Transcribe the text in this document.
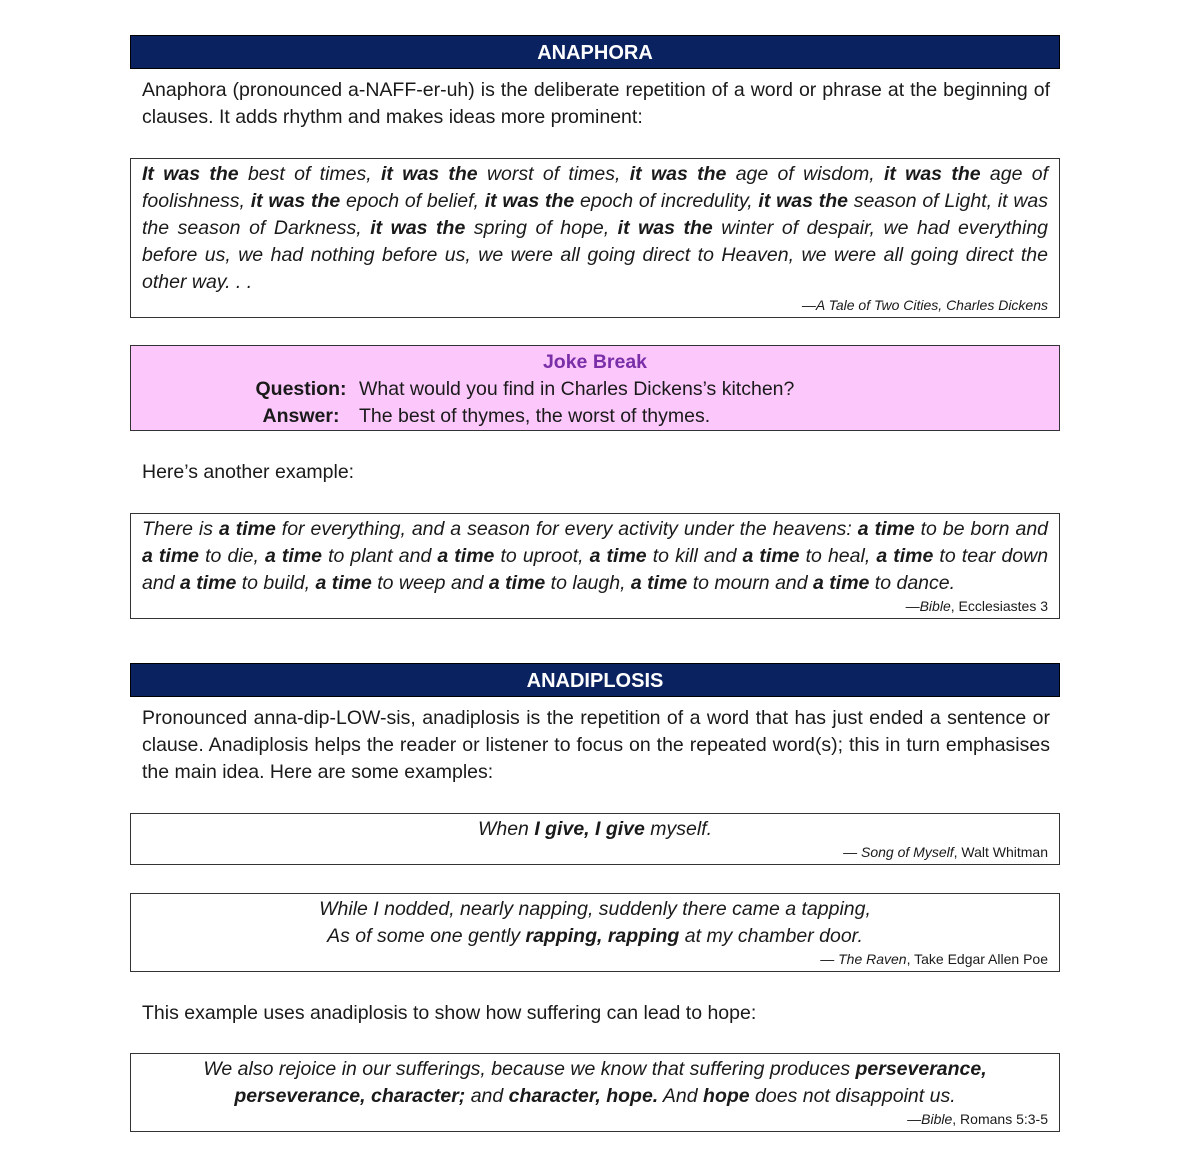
ANAPHORA

Anaphora (pronounced a-NAFF-er-uh) is the deliberate repetition of a word or phrase at the beginning of clauses. It adds rhythm and makes ideas more prominent:

It was the best of times, it was the worst of times, it was the age of wisdom, it was the age of foolishness, it was the epoch of belief, it was the epoch of incredulity, it was the season of Light, it was the season of Darkness, it was the spring of hope, it was the winter of despair, we had everything before us, we had nothing before us, we were all going direct to Heaven, we were all going direct the other way. . .

—A Tale of Two Cities, Charles Dickens

Joke Break

Question: What would you find in Charles Dickens’s kitchen?
Answer:	The best of thymes, the worst of thymes.

Here’s another example:

There is a time for everything, and a season for every activity under the heavens: a time to be born and a time to die, a time to plant and a time to uproot, a time to kill and a time to heal, a time to tear down and a time to build, a time to weep and a time to laugh, a time to mourn and a time to dance.

—Bible, Ecclesiastes 3

ANADIPLOSIS

Pronounced anna-dip-LOW-sis, anadiplosis is the repetition of a word that has just ended a sentence or clause. Anadiplosis helps the reader or listener to focus on the repeated word(s); this in turn emphasises the main idea. Here are some examples:

When I give, I give myself.

— Song of Myself, Walt Whitman

While I nodded, nearly napping, suddenly there came a tapping,

As of some one gently rapping, rapping at my chamber door.

— The Raven, Take Edgar Allen Poe

This example uses anadiplosis to show how suffering can lead to hope:

We also rejoice in our sufferings, because we know that suffering produces perseverance,

perseverance, character; and character, hope. And hope does not disappoint us.

—Bible, Romans 5:3-5
